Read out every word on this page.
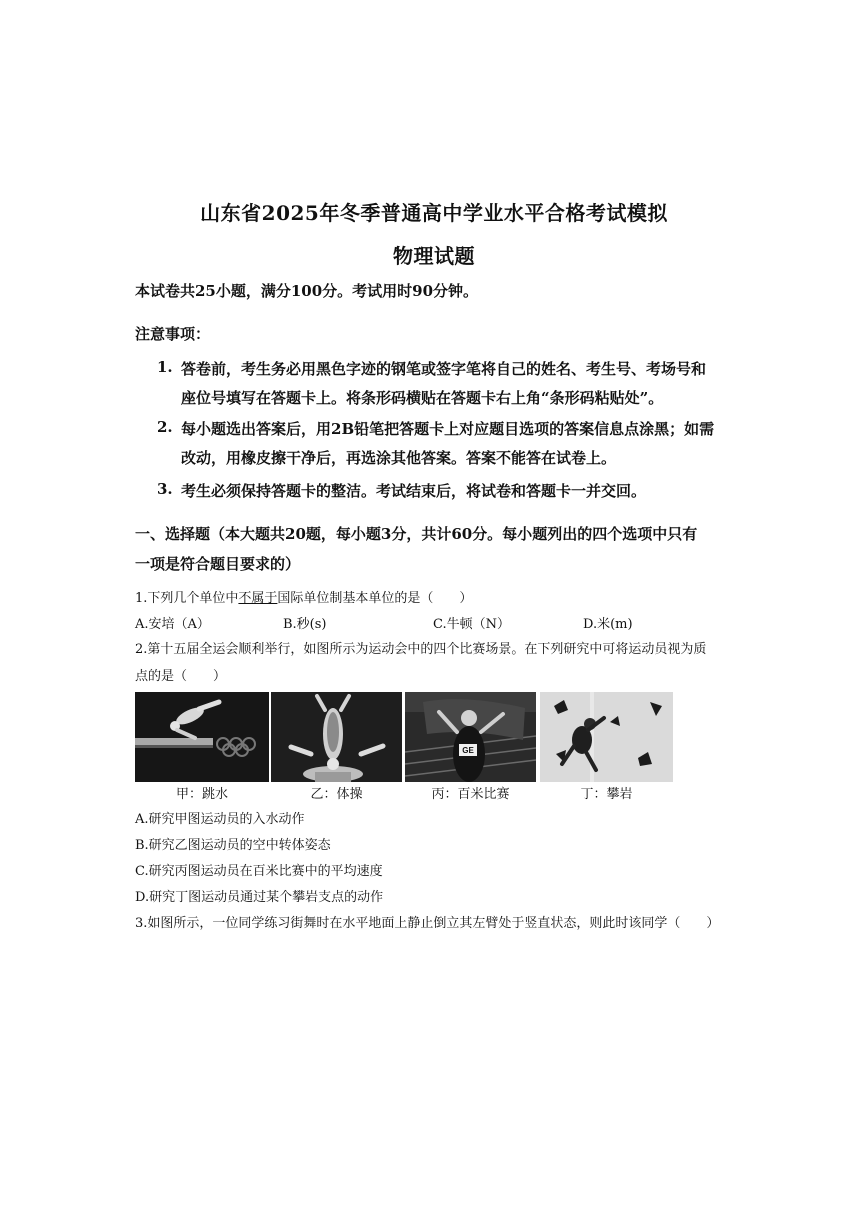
山东省2025年冬季普通高中学业水平合格考试模拟
物理试题
本试卷共25小题，满分100分。考试用时90分钟。
注意事项：
1. 答卷前，考生务必用黑色字迹的钢笔或签字笔将自己的姓名、考生号、考场号和
座位号填写在答题卡上。将条形码横贴在答题卡右上角“条形码粘贴处”。
2. 每小题选出答案后，用2B铅笔把答题卡上对应题目选项的答案信息点涂黑；如需
改动，用橡皮擦干净后，再选涂其他答案。答案不能答在试卷上。
3. 考生必须保持答题卡的整洁。考试结束后，将试卷和答题卡一并交回。
一、选择题（本大题共20题，每小题3分，共计60分。每小题列出的四个选项中只有
一项是符合题目要求的）
1.下列几个单位中不属于国际单位制基本单位的是（　　）
A.安培（A）	B.秒(s)	C.牛顿（N）	D.米(m)
2.第十五届全运会顺利举行，如图所示为运动会中的四个比赛场景。在下列研究中可将运动员视为质
点的是（　　）
甲：跳水	乙：体操
GE
丙：百米比赛	丁：攀岩
A.研究甲图运动员的入水动作
B.研究乙图运动员的空中转体姿态
C.研究丙图运动员在百米比赛中的平均速度
D.研究丁图运动员通过某个攀岩支点的动作
3.如图所示，一位同学练习街舞时在水平地面上静止倒立其左臂处于竖直状态，则此时该同学（　　）
